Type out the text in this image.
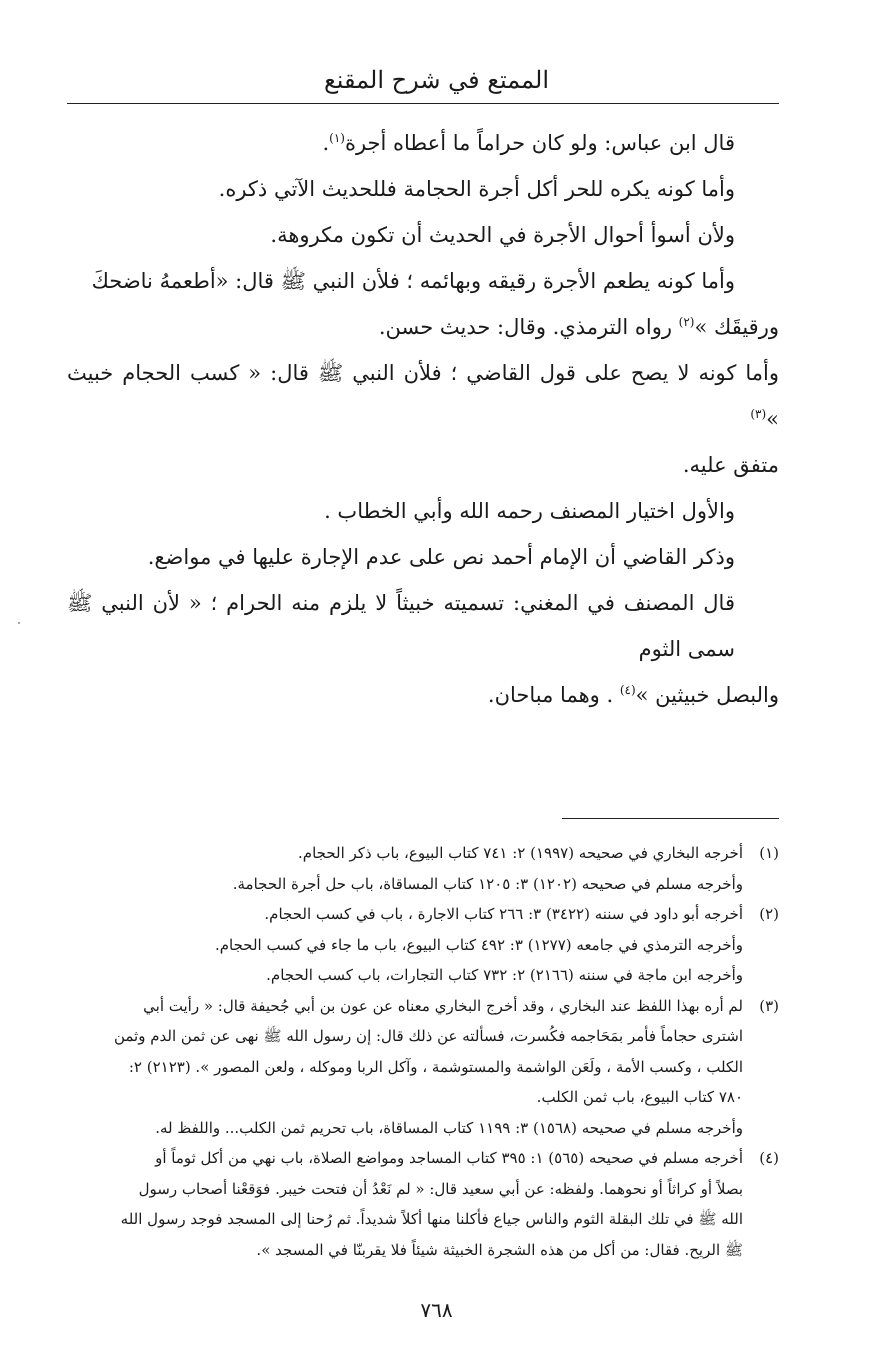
الممتع في شرح المقنع

قال ابن عباس: ولو كان حراماً ما أعطاه أجرة$^{(١)}$.

وأما كونه يكره للحر أكل أجرة الحجامة فللحديث الآتي ذكره.

ولأن أسوأ أحوال الأجرة في الحديث أن تكون مكروهة.

وأما كونه يطعم الأجرة رقيقه وبهائمه ؛ فلأن النبي ﷺ قال: «أطعمهُ ناضحكَ

ورقيقَك »$^{(٢)}$ رواه الترمذي. وقال: حديث حسن.

وأما كونه لا يصح على قول القاضي ؛ فلأن النبي ﷺ قال: « كسب الحجام خبيث »$^{(٣)}$

متفق عليه.

والأول اختيار المصنف رحمه الله وأبي الخطاب .

وذكر القاضي أن الإمام أحمد نص على عدم الإجارة عليها في مواضع.

قال المصنف في المغني: تسميته خبيثاً لا يلزم منه الحرام ؛ « لأن النبي ﷺ سمى الثوم

والبصل خبيثين »$^{(٤)}$ . وهما مباحان.

(١)
أخرجه البخاري في صحيحه (١٩٩٧) ٢: ٧٤١ كتاب البيوع، باب ذكر الحجام.
وأخرجه مسلم في صحيحه (١٢٠٢) ٣: ١٢٠٥ كتاب المساقاة، باب حل أجرة الحجامة.
(٢)
أخرجه أبو داود في سننه (٣٤٢٢) ٣: ٢٦٦ كتاب الاجارة ، باب في كسب الحجام.
وأخرجه الترمذي في جامعه (١٢٧٧) ٣: ٤٩٢ كتاب البيوع، باب ما جاء في كسب الحجام.
وأخرجه ابن ماجة في سننه (٢١٦٦) ٢: ٧٣٢ كتاب التجارات، باب كسب الحجام.
(٣)
لم أره بهذا اللفظ عند البخاري ، وقد أخرج البخاري معناه عن عون بن أبي جُحيفة قال: « رأيت أبي
اشترى حجاماً فأمر بمَحَاجمه فكُسرت، فسألته عن ذلك قال: إن رسول الله ﷺ نهى عن ثمن الدم وثمن
الكلب ، وكسب الأمة ، ولَعَن الواشمة والمستوشمة ، وآكل الربا وموكله ، ولعن المصور ». (٢١٢٣) ٢:
٧٨٠ كتاب البيوع، باب ثمن الكلب.
وأخرجه مسلم في صحيحه (١٥٦٨) ٣: ١١٩٩ كتاب المساقاة، باب تحريم ثمن الكلب... واللفظ له.
(٤)
أخرجه مسلم في صحيحه (٥٦٥) ١: ٣٩٥ كتاب المساجد ومواضع الصلاة، باب نهي من أكل ثوماً أو
بصلاً أو كراثاً أو نحوهما. ولفظه: عن أبي سعيد قال: « لم نَعْدُ أن فتحت خيبر. فوَقعْنا أصحاب رسول
الله ﷺ في تلك البقلة الثوم والناس جياع فأكلنا منها أكلاً شديداً. ثم رُحنا إلى المسجد فوجد رسول الله
ﷺ الريح. فقال: من أكل من هذه الشجرة الخبيثة شيئاً فلا يقربنّا في المسجد ».
٧٦٨
